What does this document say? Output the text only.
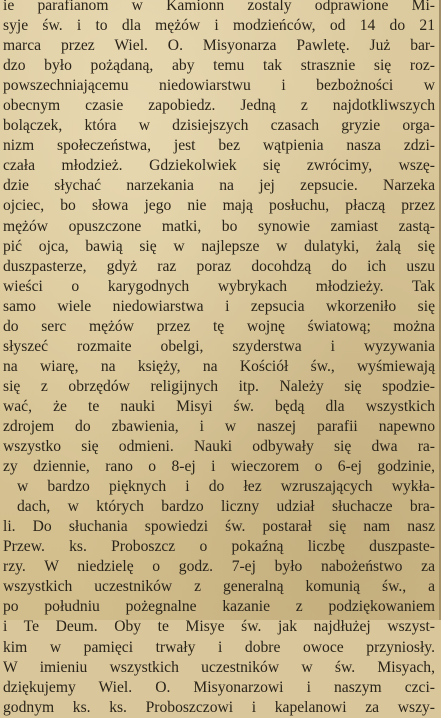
ie parafianom w Kamionn zostaly odprawione Mi-
syje św. i to dla mężów i modzieńców, od 14 do 21
marca przez Wiel. O. Misyonarza Pawletę. Już bar-
dzo było pożądaną, aby temu tak strasznie się roz-
powszechniającemu niedowiarstwu i bezbożności w
obecnym czasie zapobiedz. Jedną z najdotkliwszych
bolączek, która w dzisiejszych czasach gryzie orga-
nizm społeczeństwa, jest bez wątpienia nasza zdzi-
czała młodzież. Gdziekolwiek się zwrócimy, wszę-
dzie słychać narzekania na jej zepsucie. Narzeka
ojciec, bo słowa jego nie mają posłuchu, płaczą przez
mężów opuszczone matki, bo synowie zamiast zastą-
pić ojca, bawią się w najlepsze w dulatyki, żalą się
duszpasterze, gdyż raz poraz docohdzą do ich uszu
wieści o karygodnych wybrykach młodzieży. Tak
samo wiele niedowiarstwa i zepsucia wkorzeniło się
do serc mężów przez tę wojnę światową; można
słyszeć rozmaite obelgi, szyderstwa i wyzywania
na wiarę, na księży, na Kościół św., wyśmiewają
się z obrzędów religijnych itp. Należy się spodzie-
wać, że te nauki Misyi św. będą dla wszystkich
zdrojem do zbawienia, i w naszej parafii napewno
wszystko się odmieni. Nauki odbywały się dwa ra-
zy dziennie, rano o 8-ej i wieczorem o 6-ej godzinie,
w bardzo pięknych i do łez wzruszających wykła-
dach, w których bardzo liczny udział słuchacze bra-
li. Do słuchania spowiedzi św. postarał się nam nasz
Przew. ks. Proboszcz o pokaźną liczbę duszpaste-
rzy. W niedzielę o godz. 7-ej było nabożeństwo za
wszystkich uczestników z generalną komunią św., a
po południu pożegnalne kazanie z podziękowaniem
i Te Deum. Oby te Misye św. jak najdłużej wszyst-
kim w pamięci trwały i dobre owoce przyniosły.
W imieniu wszystkich uczestników w św. Misyach,
dziękujemy Wiel. O. Misyonarzowi i naszym czci-
godnym ks. ks. Proboszczowi i kapelanowi za wszy-
